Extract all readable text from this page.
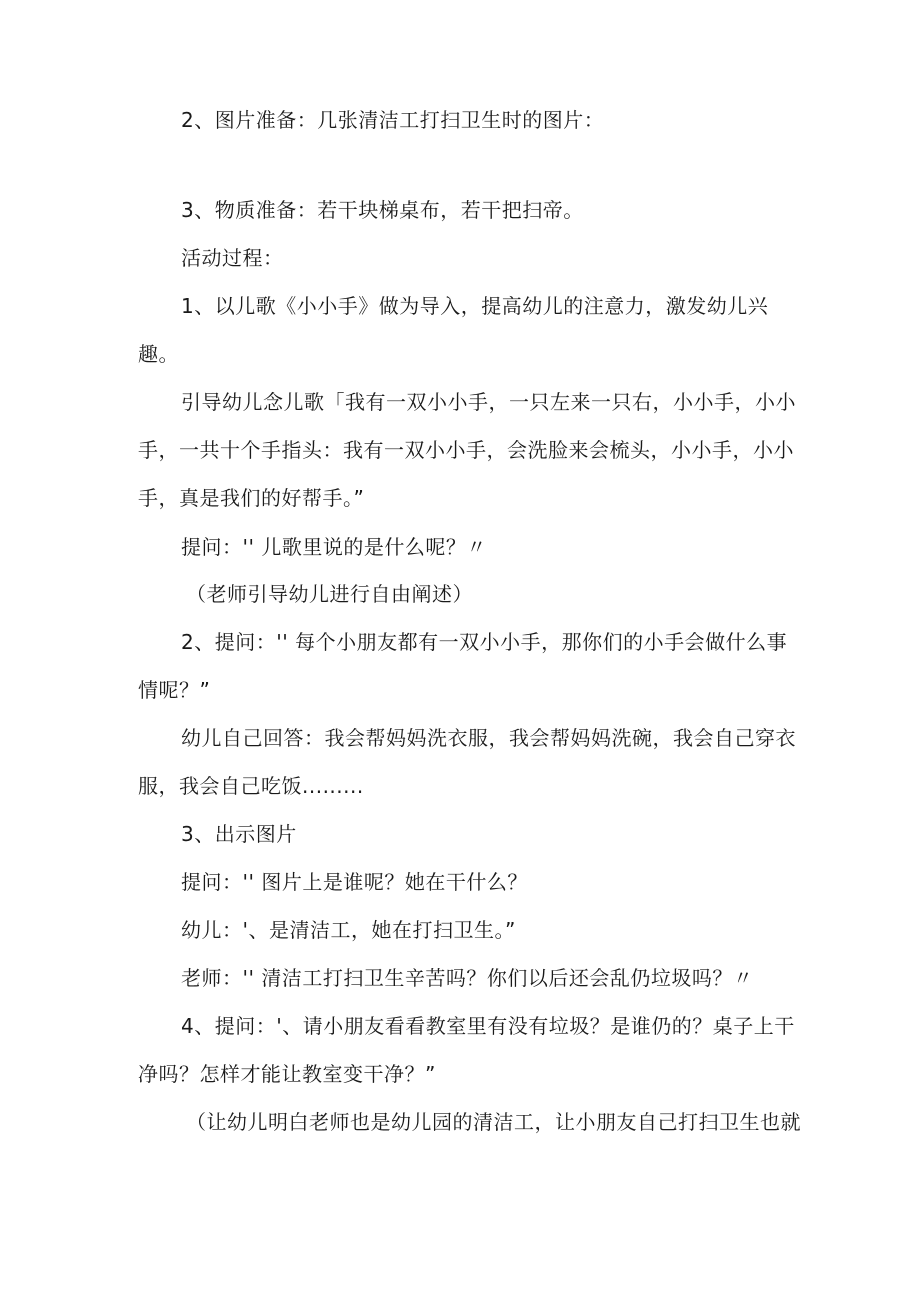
2、图片准备：几张清洁工打扫卫生时的图片：
3、物质准备：若干块梯桌布，若干把扫帝。
活动过程：
1、以儿歌《小小手》做为导入，提高幼儿的注意力，激发幼儿兴
趣。
引导幼儿念儿歌「我有一双小小手，一只左来一只右，小小手，小小
手，一共十个手指头：我有一双小小手，会洗脸来会梳头，小小手，小小
手，真是我们的好帮手。”
提问：'' 儿歌里说的是什么呢？〃
（老师引导幼儿进行自由阐述）
2、提问：'' 每个小朋友都有一双小小手，那你们的小手会做什么事
情呢？”
幼儿自己回答：我会帮妈妈洗衣服，我会帮妈妈洗碗，我会自己穿衣
服，我会自己吃饭.........
3、出示图片
提问：'' 图片上是谁呢？她在干什么？
幼儿：'、是清洁工，她在打扫卫生。”
老师：'' 清洁工打扫卫生辛苦吗？你们以后还会乱仍垃圾吗？〃
4、提问：'、请小朋友看看教室里有没有垃圾？是谁仍的？桌子上干
净吗？怎样才能让教室变干净？”
（让幼儿明白老师也是幼儿园的清洁工，让小朋友自己打扫卫生也就
